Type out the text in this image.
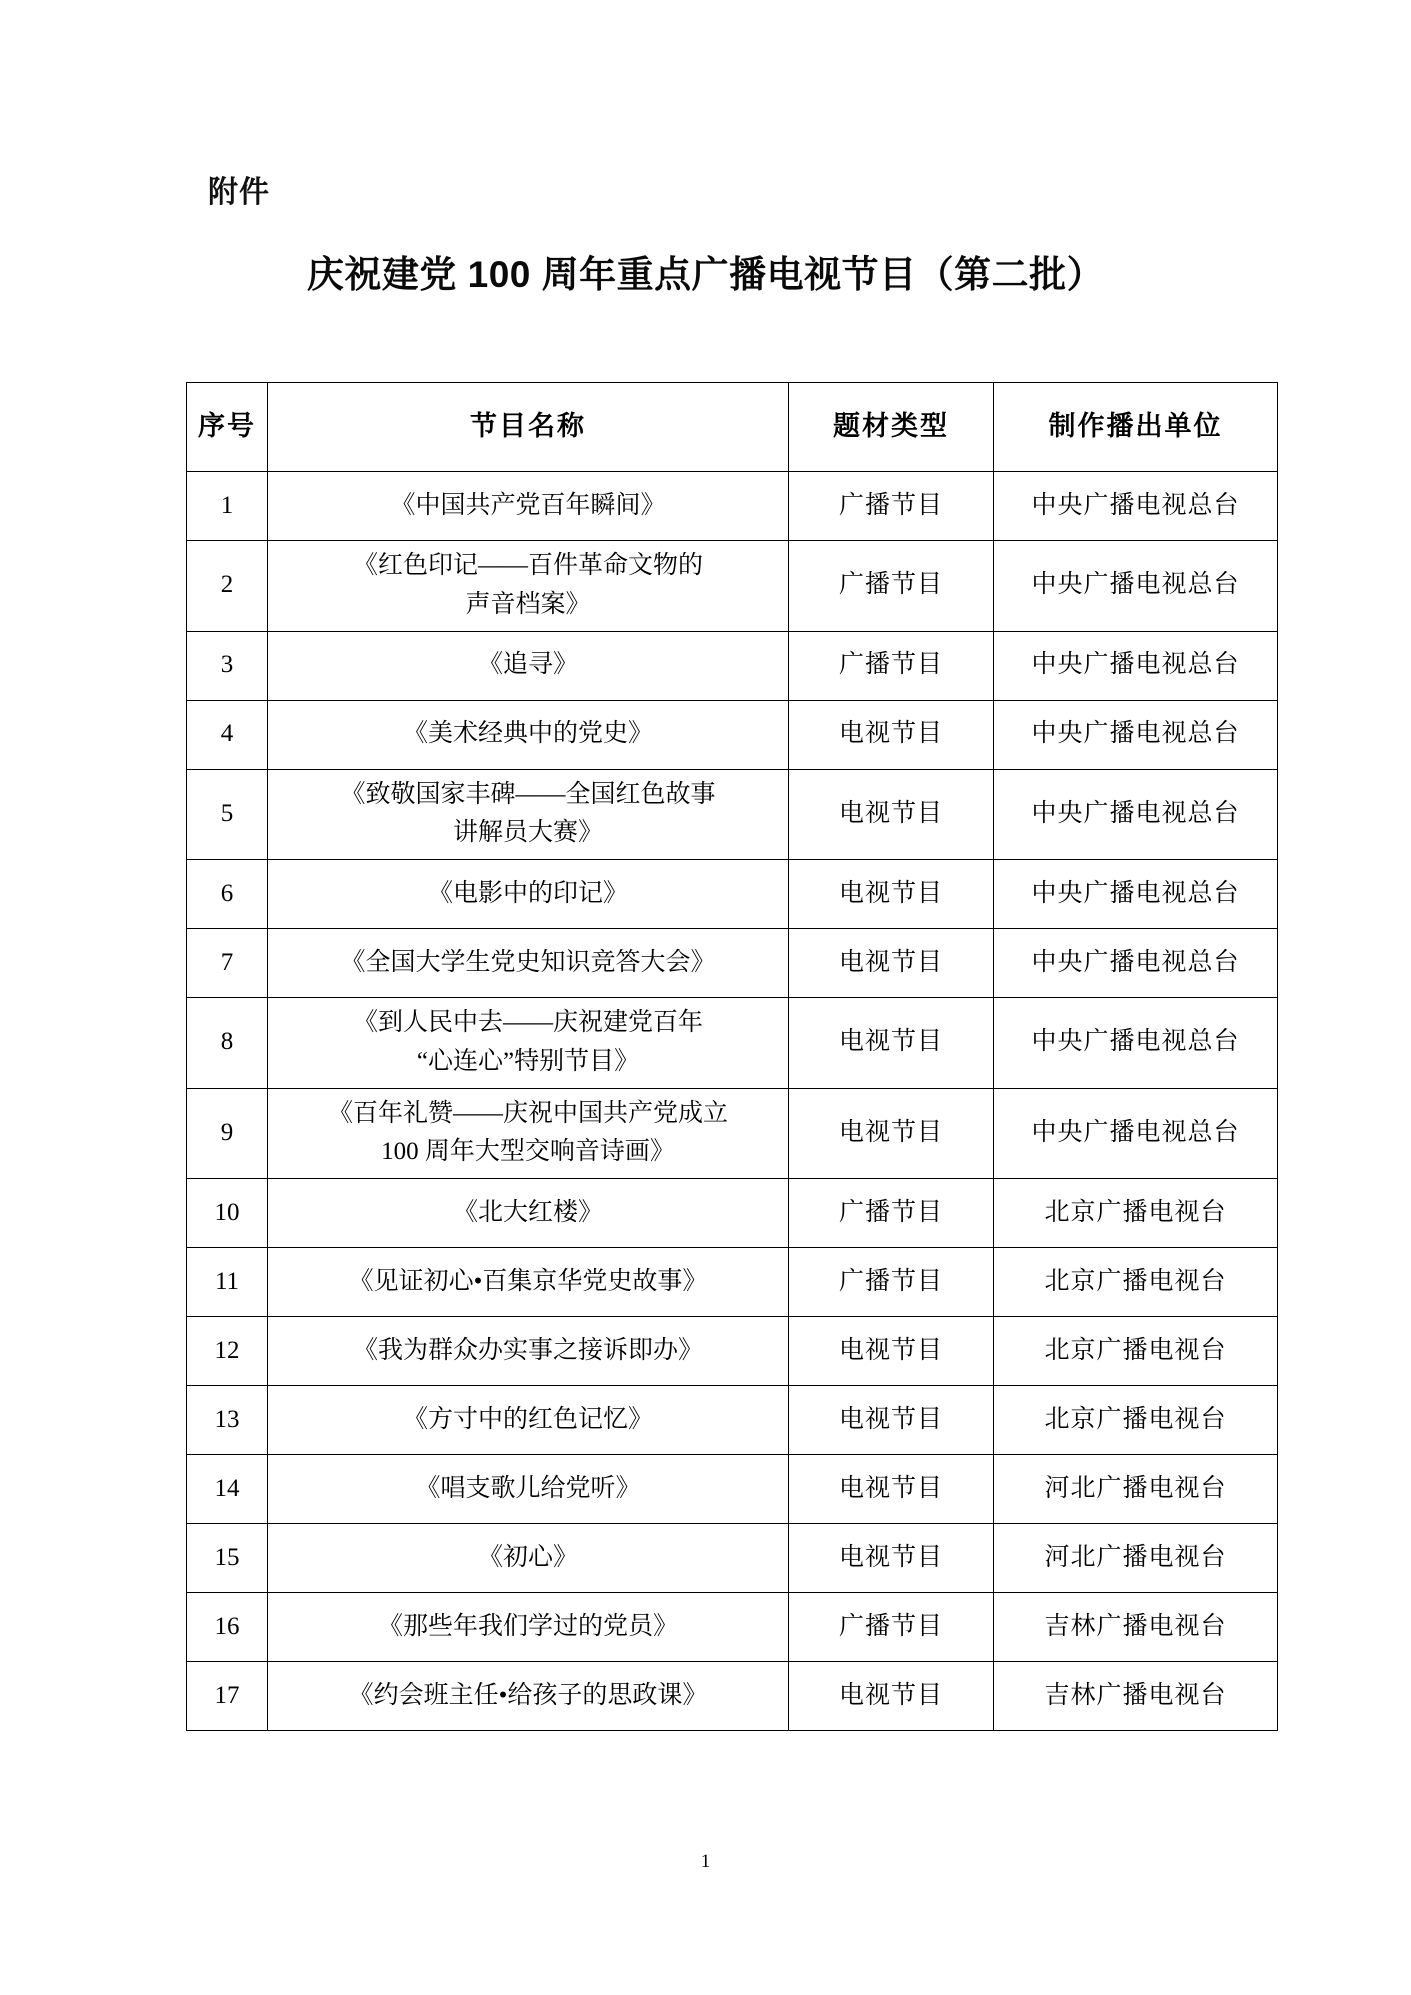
附件
庆祝建党 100 周年重点广播电视节目（第二批）
序号	节目名称	题材类型	制作播出单位
1	《中国共产党百年瞬间》	广播节目	中央广播电视总台
2	《红色印记——百件革命文物的
声音档案》	广播节目	中央广播电视总台
3	《追寻》	广播节目	中央广播电视总台
4	《美术经典中的党史》	电视节目	中央广播电视总台
5	《致敬国家丰碑——全国红色故事
讲解员大赛》	电视节目	中央广播电视总台
6	《电影中的印记》	电视节目	中央广播电视总台
7	《全国大学生党史知识竞答大会》	电视节目	中央广播电视总台
8	《到人民中去——庆祝建党百年
“心连心”特别节目》	电视节目	中央广播电视总台
9	《百年礼赞——庆祝中国共产党成立
100 周年大型交响音诗画》	电视节目	中央广播电视总台
10	《北大红楼》	广播节目	北京广播电视台
11	《见证初心•百集京华党史故事》	广播节目	北京广播电视台
12	《我为群众办实事之接诉即办》	电视节目	北京广播电视台
13	《方寸中的红色记忆》	电视节目	北京广播电视台
14	《唱支歌儿给党听》	电视节目	河北广播电视台
15	《初心》	电视节目	河北广播电视台
16	《那些年我们学过的党员》	广播节目	吉林广播电视台
17	《约会班主任•给孩子的思政课》	电视节目	吉林广播电视台
1
